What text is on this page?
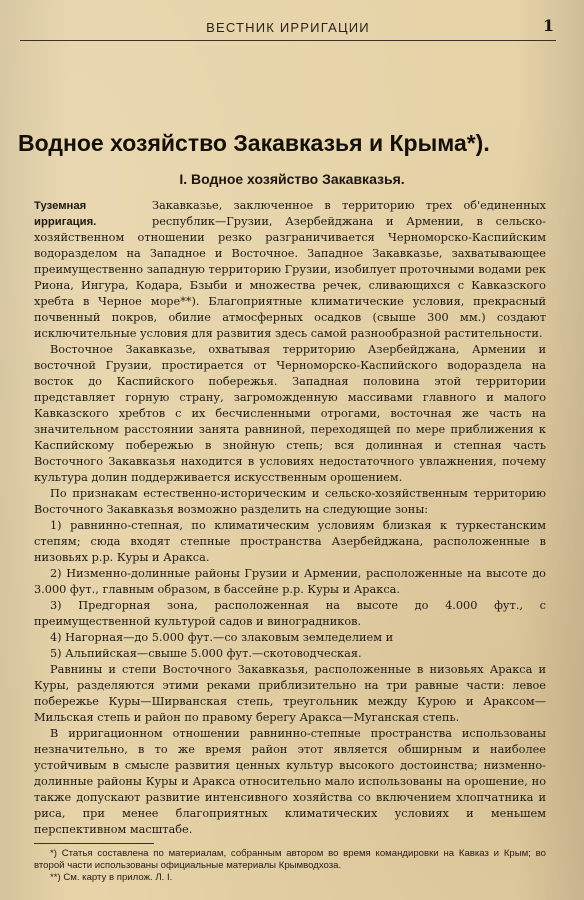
ВЕСТНИК ИРРИГАЦИИ	1
Водное хозяйство Закавказья и Крыма*).
I. Водное хозяйство Закавказья.
Туземная ирригация.

Закавказье, заключенное в территорию трех об'единенных республик—Грузии, Азербейджана и Армении, в сельско-хозяйственном отношении резко разграничивается Черноморско-Каспийским водоразделом на Западное и Восточное. Западное Закавказье, захватывающее преимущественно западную территорию Грузии, изобилует проточными водами рек Риона, Ингура, Кодара, Бзыби и множества речек, сливающихся с Кавказского хребта в Черное море**). Благоприятные климатические условия, прекрасный почвенный покров, обилие атмосферных осадков (свыше 300 мм.) создают исключительные условия для развития здесь самой разнообразной растительности.

Восточное Закавказье, охватывая территорию Азербейджана, Армении и восточной Грузии, простирается от Черноморско-Каспийского водораздела на восток до Каспийского побережья. Западная половина этой территории представляет горную страну, загроможденную массивами главного и малого Кавказского хребтов с их бесчисленными отрогами, восточная же часть на значительном расстоянии занята равниной, переходящей по мере приближения к Каспийскому побережью в знойную степь; вся долинная и степная часть Восточного Закавказья находится в условиях недостаточного увлажнения, почему культура долин поддерживается искусственным орошением.

По признакам естественно-историческим и сельско-хозяйственным территорию Восточного Закавказья возможно разделить на следующие зоны:

1) равнинно-степная, по климатическим условиям близкая к туркестанским степям; сюда входят степные пространства Азербейджана, расположенные в низовьях р.р. Куры и Аракса.

2) Низменно-долинные районы Грузии и Армении, расположенные на высоте до 3.000 фут., главным образом, в бассейне р.р. Куры и Аракса.

3) Предгорная зона, расположенная на высоте до 4.000 фут., с преимущественной культурой садов и виноградников.

4) Нагорная—до 5.000 фут.—со злаковым земледелием и

5) Альпийская—свыше 5.000 фут.—скотоводческая.

Равнины и степи Восточного Закавказья, расположенные в низовьях Аракса и Куры, разделяются этими реками приблизительно на три равные части: левое побережье Куры—Ширванская степь, треугольник между Курою и Араксом—Мильская степь и район по правому берегу Аракса—Муганская степь.

В ирригационном отношении равнинно-степные пространства использованы незначительно, в то же время район этот является обширным и наиболее устойчивым в смысле развития ценных культур высокого достоинства; низменно-долинные районы Куры и Аракса относительно мало использованы на орошение, но также допускают развитие интенсивного хозяйства со включением хлопчатника и риса, при менее благоприятных климатических условиях и меньшем перспективном масштабе.

*) Статья составлена по материалам, собранным автором во время командировки на Кавказ и Крым; во второй части использованы официальные материалы Крымводхоза.

**) См. карту в прилож. Л. I.
